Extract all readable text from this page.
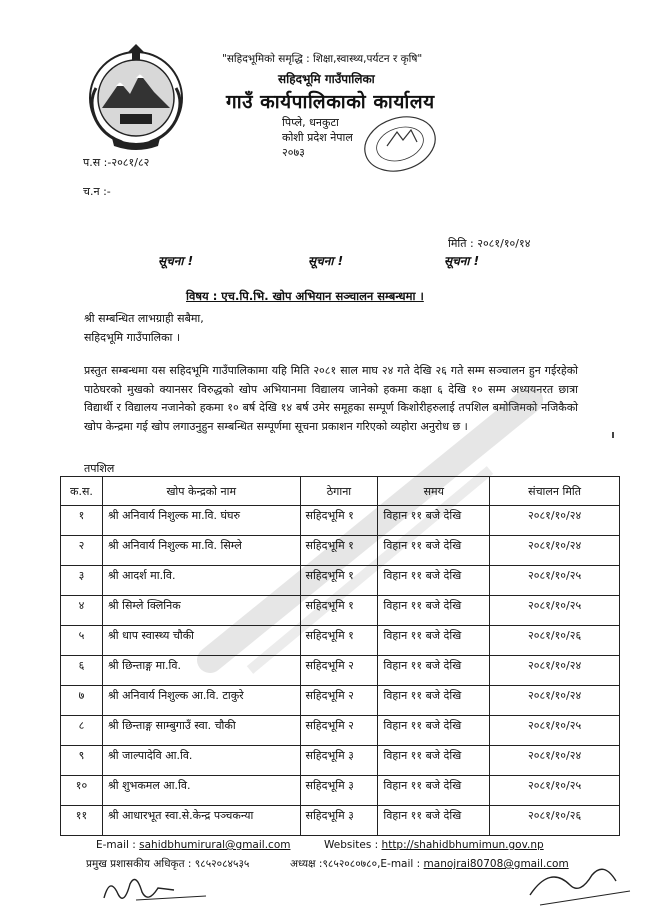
"सहिदभूमिको समृद्धि : शिक्षा,स्वास्थ्य,पर्यटन र कृषि"
सहिदभूमि गाउँपालिका
गाउँ कार्यपालिकाको कार्यालय
पिप्ले, धनकुटा
कोशी प्रदेश नेपाल
२०७३
प.स :-२०८१/८२
च.न :-
मिति : २०८१/१०/१४
सूचना !	सूचना !	सूचना !
विषय : एच.पि.भि. खोप अभियान सञ्चालन सम्बन्धमा ।
श्री सम्बन्धित लाभग्राही सबैमा,
सहिदभूमि गाउँपालिका ।
प्रस्तुत सम्बन्धमा यस सहिदभूमि गाउँपालिकामा यहि मिति २०८१ साल माघ २४ गते देखि २६ गते सम्म सञ्चालन हुन गईरहेको पाठेघरको मुखको क्यानसर विरुद्धको खोप अभियानमा विद्यालय जानेको हकमा कक्षा ६ देखि १० सम्म अध्ययनरत छात्रा विद्यार्थी र विद्यालय नजानेको हकमा १० बर्ष देखि १४ बर्ष उमेर समूहका सम्पूर्ण किशोरीहरुलाई तपशिल बमोजिमको नजिकैको खोप केन्द्रमा गई खोप लगाउनुहुन सम्बन्धित सम्पूर्णमा सूचना प्रकाशन गरिएको व्यहोरा अनुरोध छ ।
तपशिल
क.स.	खोप केन्द्रको नाम	ठेगाना	समय	संचालन मिति
१	श्री अनिवार्य निशुल्क मा.वि. घंघरु	सहिदभूमि १	विहान ११ बजे देखि	२०८१/१०/२४
२	श्री अनिवार्य निशुल्क मा.वि. सिम्ले	सहिदभूमि १	विहान ११ बजे देखि	२०८१/१०/२४
३	श्री आदर्श मा.वि.	सहिदभूमि १	विहान ११ बजे देखि	२०८१/१०/२५
४	श्री सिम्ले क्लिनिक	सहिदभूमि १	विहान ११ बजे देखि	२०८१/१०/२५
५	श्री धाप स्वास्थ्य चौकी	सहिदभूमि १	विहान ११ बजे देखि	२०८१/१०/२६
६	श्री छिन्ताङ्ग मा.वि.	सहिदभूमि २	विहान ११ बजे देखि	२०८१/१०/२४
७	श्री अनिवार्य निशुल्क आ.वि. टाकुरे	सहिदभूमि २	विहान ११ बजे देखि	२०८१/१०/२४
८	श्री छिन्ताङ्ग साम्बुगाउँ स्वा. चौकी	सहिदभूमि २	विहान ११ बजे देखि	२०८१/१०/२५
९	श्री जाल्पादेवि आ.वि.	सहिदभूमि ३	विहान ११ बजे देखि	२०८१/१०/२४
१०	श्री शुभकमल आ.वि.	सहिदभूमि ३	विहान ११ बजे देखि	२०८१/१०/२५
११	श्री आधारभूत स्वा.से.केन्द्र पञ्चकन्या	सहिदभूमि ३	विहान ११ बजे देखि	२०८१/१०/२६
E-mail : sahidbhumirural@gmail.com	Websites : http://shahidbhumimun.gov.np
प्रमुख प्रशासकीय अधिकृत : ९८५२०८४५३५	अध्यक्ष :९८५२०८०७८०,E-mail : manojrai80708@gmail.com
